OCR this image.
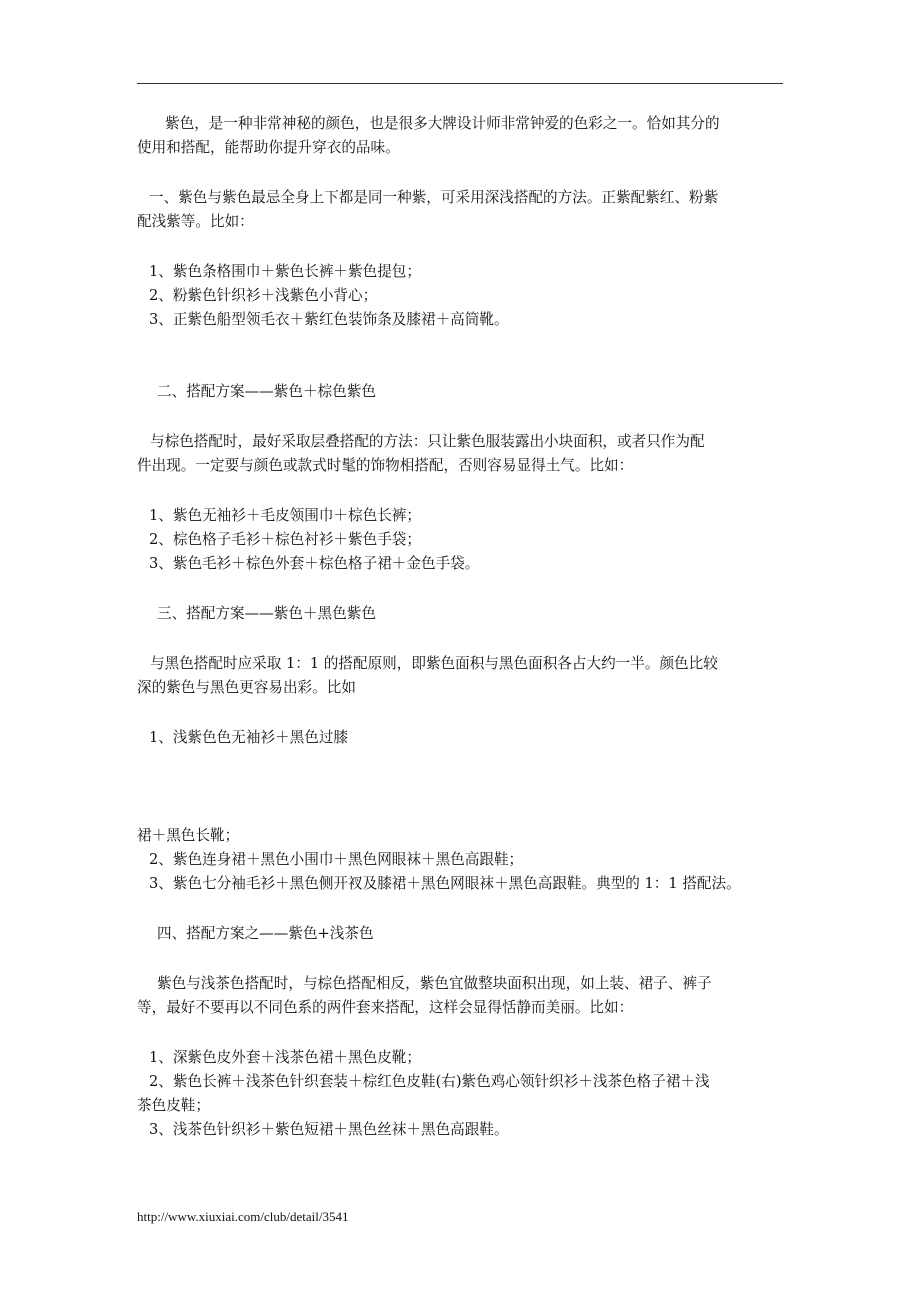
紫色，是一种非常神秘的颜色，也是很多大牌设计师非常钟爱的色彩之一。恰如其分的

使用和搭配，能帮助你提升穿衣的品味。

一、紫色与紫色最忌全身上下都是同一种紫，可采用深浅搭配的方法。正紫配紫红、粉紫

配浅紫等。比如：

1、紫色条格围巾＋紫色长裤＋紫色提包；

2、粉紫色针织衫＋浅紫色小背心；

3、正紫色船型领毛衣＋紫红色装饰条及膝裙＋高筒靴。

二、搭配方案——紫色＋棕色紫色

与棕色搭配时，最好采取层叠搭配的方法：只让紫色服装露出小块面积，或者只作为配

件出现。一定要与颜色或款式时髦的饰物相搭配，否则容易显得土气。比如：

1、紫色无袖衫＋毛皮领围巾＋棕色长裤；

2、棕色格子毛衫＋棕色衬衫＋紫色手袋；

3、紫色毛衫＋棕色外套＋棕色格子裙＋金色手袋。

三、搭配方案——紫色＋黑色紫色

与黑色搭配时应采取 1：1 的搭配原则，即紫色面积与黑色面积各占大约一半。颜色比较

深的紫色与黑色更容易出彩。比如

1、浅紫色色无袖衫＋黑色过膝

裙＋黑色长靴；

2、紫色连身裙＋黑色小围巾＋黑色网眼袜＋黑色高跟鞋；

3、紫色七分袖毛衫＋黑色侧开衩及膝裙＋黑色网眼袜＋黑色高跟鞋。典型的 1：1 搭配法。

四、搭配方案之——紫色+浅茶色

紫色与浅茶色搭配时，与棕色搭配相反，紫色宜做整块面积出现，如上装、裙子、裤子

等，最好不要再以不同色系的两件套来搭配，这样会显得恬静而美丽。比如：

1、深紫色皮外套＋浅茶色裙＋黑色皮靴；

2、紫色长裤＋浅茶色针织套装＋棕红色皮鞋(右)紫色鸡心领针织衫＋浅茶色格子裙＋浅

茶色皮鞋；

3、浅茶色针织衫＋紫色短裙＋黑色丝袜＋黑色高跟鞋。

http://www.xiuxiai.com/club/detail/3541
